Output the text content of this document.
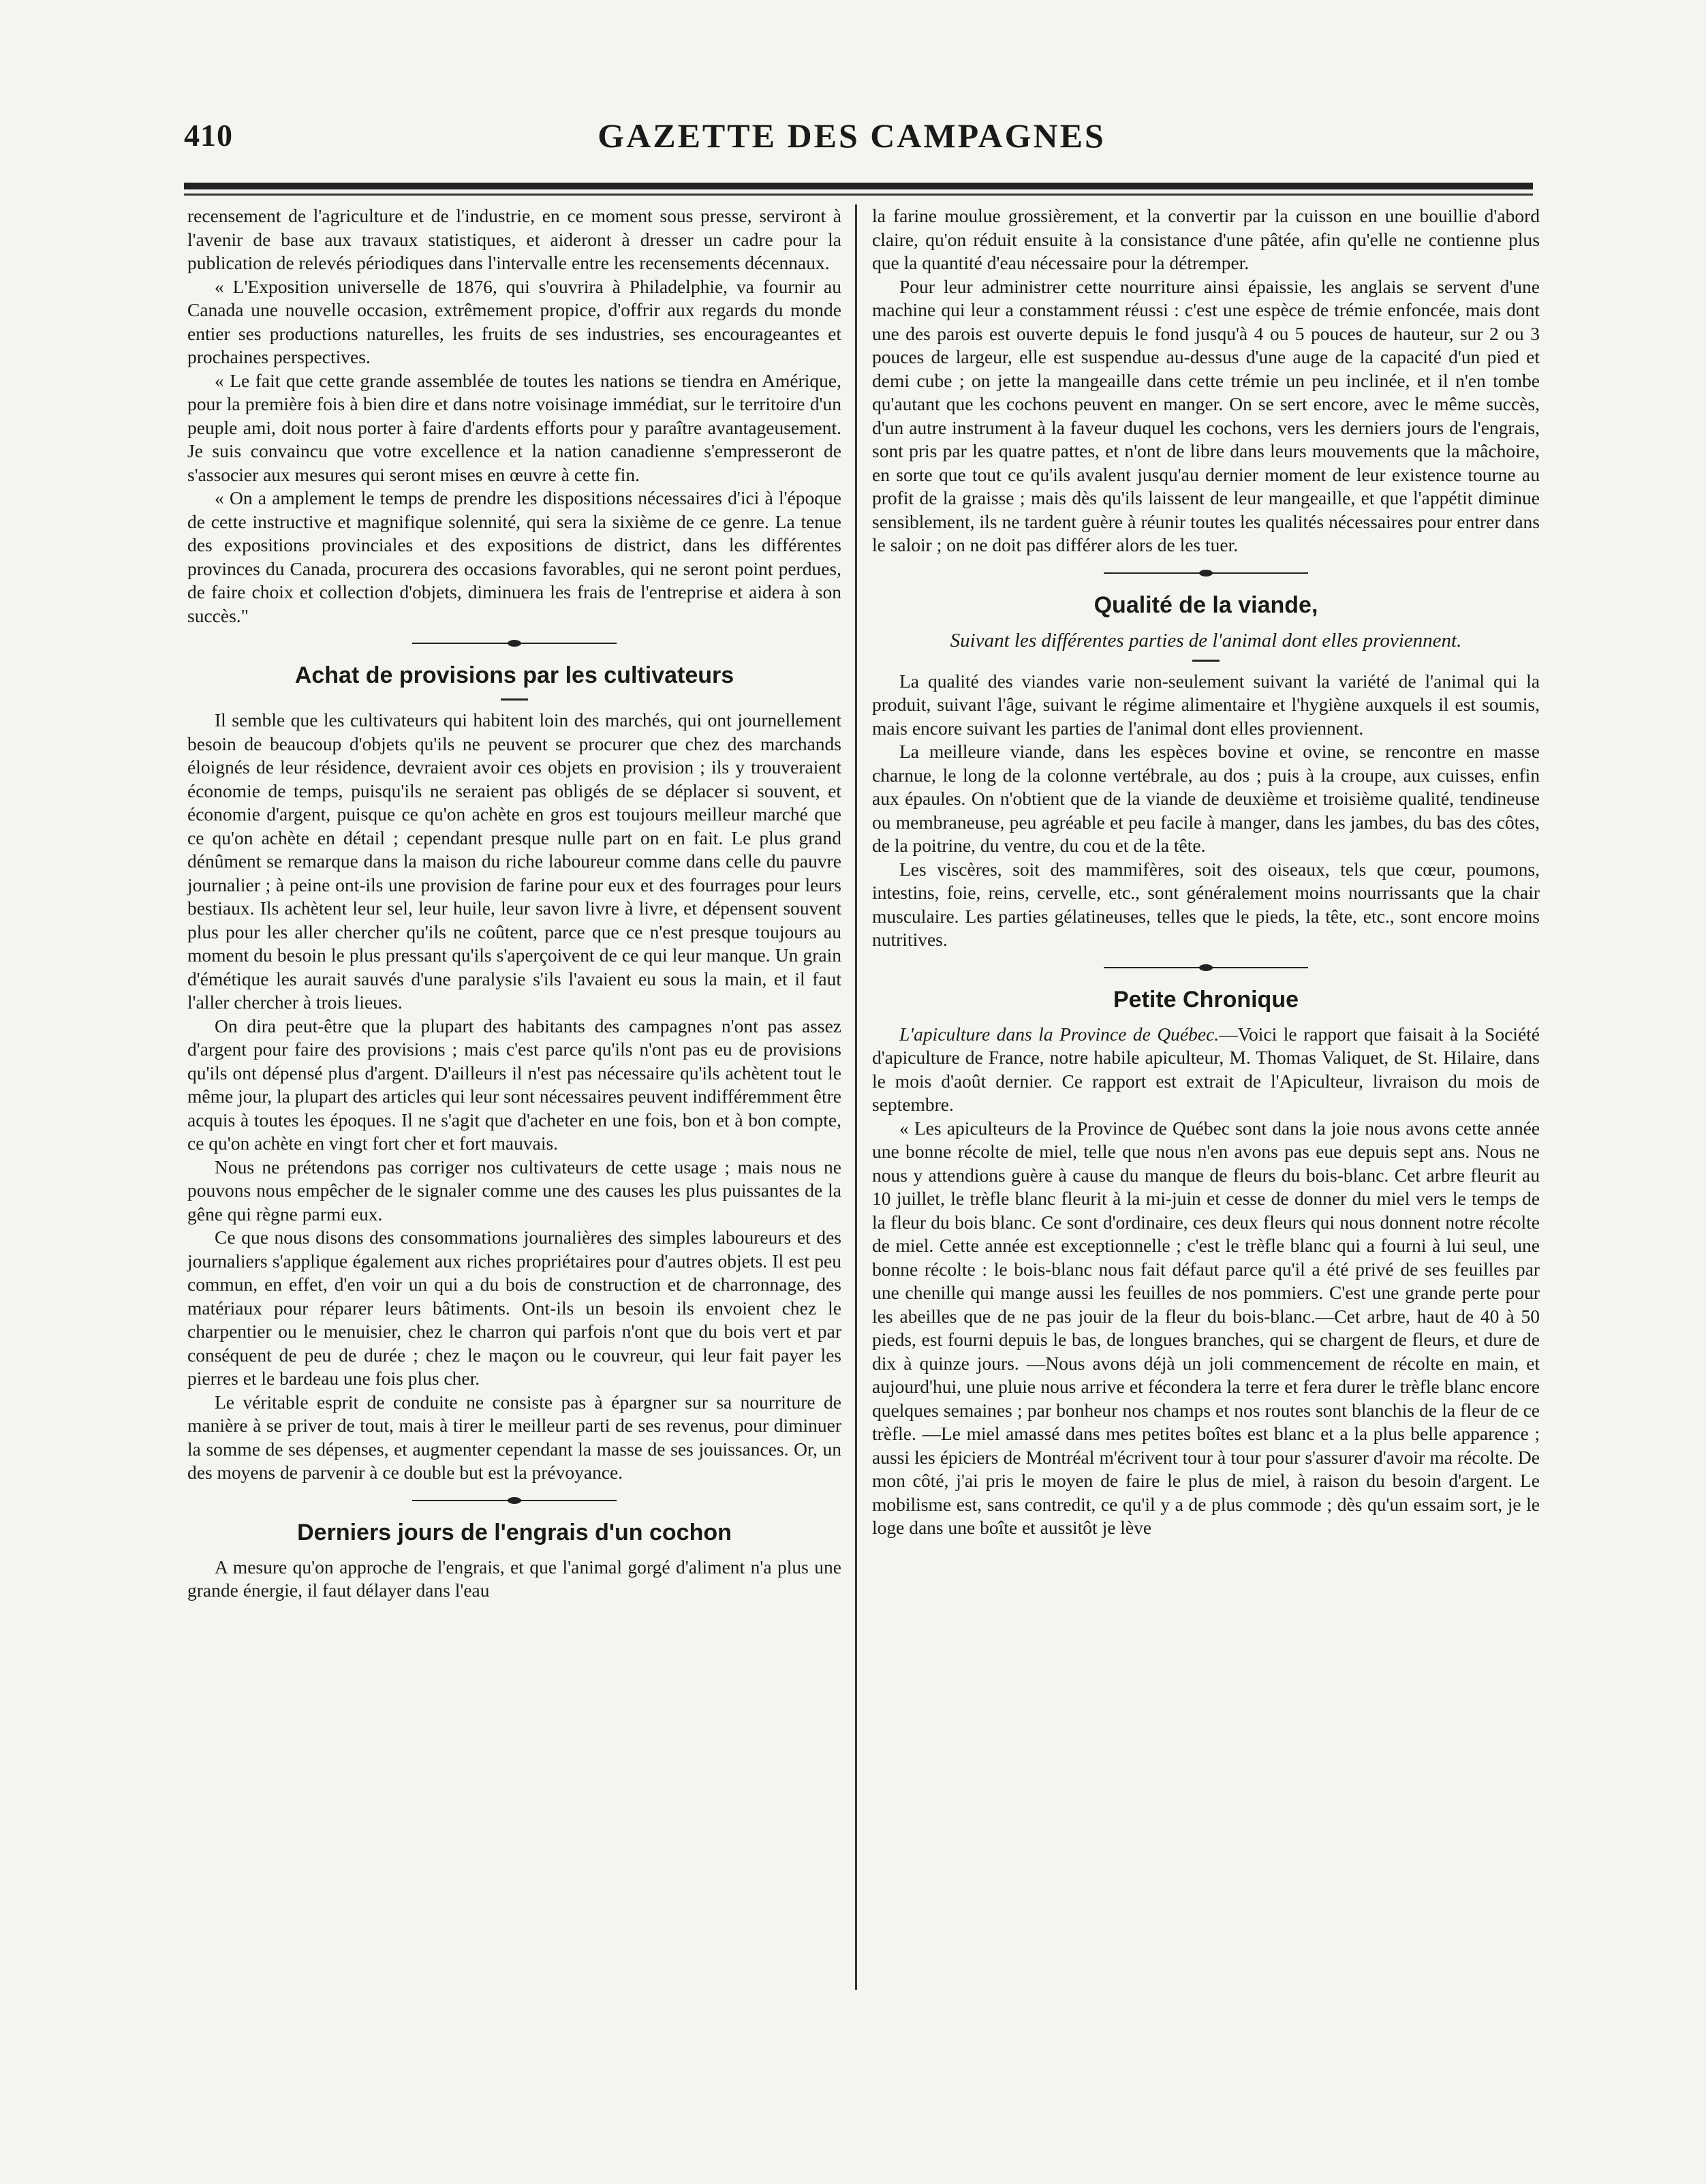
410	GAZETTE DES CAMPAGNES

recensement de l'agriculture et de l'industrie, en ce moment sous presse, serviront à l'avenir de base aux travaux statistiques, et aideront à dresser un cadre pour la publication de relevés périodiques dans l'intervalle entre les recensements décennaux.

« L'Exposition universelle de 1876, qui s'ouvrira à Philadelphie, va fournir au Canada une nouvelle occasion, extrêmement propice, d'offrir aux regards du monde entier ses productions naturelles, les fruits de ses industries, ses encourageantes et prochaines perspectives.

« Le fait que cette grande assemblée de toutes les nations se tiendra en Amérique, pour la première fois à bien dire et dans notre voisinage immédiat, sur le territoire d'un peuple ami, doit nous porter à faire d'ardents efforts pour y paraître avantageusement. Je suis convaincu que votre excellence et la nation canadienne s'empresseront de s'associer aux mesures qui seront mises en œuvre à cette fin.

« On a amplement le temps de prendre les dispositions nécessaires d'ici à l'époque de cette instructive et magnifique solennité, qui sera la sixième de ce genre. La tenue des expositions provinciales et des expositions de district, dans les différentes provinces du Canada, procurera des occasions favorables, qui ne seront point perdues, de faire choix et collection d'objets, diminuera les frais de l'entreprise et aidera à son succès."

Achat de provisions par les cultivateurs

Il semble que les cultivateurs qui habitent loin des marchés, qui ont journellement besoin de beaucoup d'objets qu'ils ne peuvent se procurer que chez des marchands éloignés de leur résidence, devraient avoir ces objets en provision ; ils y trouveraient économie de temps, puisqu'ils ne seraient pas obligés de se déplacer si souvent, et économie d'argent, puisque ce qu'on achète en gros est toujours meilleur marché que ce qu'on achète en détail ; cependant presque nulle part on en fait. Le plus grand dénûment se remarque dans la maison du riche laboureur comme dans celle du pauvre journalier ; à peine ont-ils une provision de farine pour eux et des fourrages pour leurs bestiaux. Ils achètent leur sel, leur huile, leur savon livre à livre, et dépensent souvent plus pour les aller chercher qu'ils ne coûtent, parce que ce n'est presque toujours au moment du besoin le plus pressant qu'ils s'aperçoivent de ce qui leur manque. Un grain d'émétique les aurait sauvés d'une paralysie s'ils l'avaient eu sous la main, et il faut l'aller chercher à trois lieues.

On dira peut-être que la plupart des habitants des campagnes n'ont pas assez d'argent pour faire des provisions ; mais c'est parce qu'ils n'ont pas eu de provisions qu'ils ont dépensé plus d'argent. D'ailleurs il n'est pas nécessaire qu'ils achètent tout le même jour, la plupart des articles qui leur sont nécessaires peuvent indifféremment être acquis à toutes les époques. Il ne s'agit que d'acheter en une fois, bon et à bon compte, ce qu'on achète en vingt fort cher et fort mauvais.

Nous ne prétendons pas corriger nos cultivateurs de cette usage ; mais nous ne pouvons nous empêcher de le signaler comme une des causes les plus puissantes de la gêne qui règne parmi eux.

Ce que nous disons des consommations journalières des simples laboureurs et des journaliers s'applique également aux riches propriétaires pour d'autres objets. Il est peu commun, en effet, d'en voir un qui a du bois de construction et de charronnage, des matériaux pour réparer leurs bâtiments. Ont-ils un besoin ils envoient chez le charpentier ou le menuisier, chez le charron qui parfois n'ont que du bois vert et par conséquent de peu de durée ; chez le maçon ou le couvreur, qui leur fait payer les pierres et le bardeau une fois plus cher.

Le véritable esprit de conduite ne consiste pas à épargner sur sa nourriture de manière à se priver de tout, mais à tirer le meilleur parti de ses revenus, pour diminuer la somme de ses dépenses, et augmenter cependant la masse de ses jouissances. Or, un des moyens de parvenir à ce double but est la prévoyance.

Derniers jours de l'engrais d'un cochon

A mesure qu'on approche de l'engrais, et que l'animal gorgé d'aliment n'a plus une grande énergie, il faut délayer dans l'eau

la farine moulue grossièrement, et la convertir par la cuisson en une bouillie d'abord claire, qu'on réduit ensuite à la consistance d'une pâtée, afin qu'elle ne contienne plus que la quantité d'eau nécessaire pour la détremper.

Pour leur administrer cette nourriture ainsi épaissie, les anglais se servent d'une machine qui leur a constamment réussi : c'est une espèce de trémie enfoncée, mais dont une des parois est ouverte depuis le fond jusqu'à 4 ou 5 pouces de hauteur, sur 2 ou 3 pouces de largeur, elle est suspendue au-dessus d'une auge de la capacité d'un pied et demi cube ; on jette la mangeaille dans cette trémie un peu inclinée, et il n'en tombe qu'autant que les cochons peuvent en manger. On se sert encore, avec le même succès, d'un autre instrument à la faveur duquel les cochons, vers les derniers jours de l'engrais, sont pris par les quatre pattes, et n'ont de libre dans leurs mouvements que la mâchoire, en sorte que tout ce qu'ils avalent jusqu'au dernier moment de leur existence tourne au profit de la graisse ; mais dès qu'ils laissent de leur mangeaille, et que l'appétit diminue sensiblement, ils ne tardent guère à réunir toutes les qualités nécessaires pour entrer dans le saloir ; on ne doit pas différer alors de les tuer.

Qualité de la viande,
Suivant les différentes parties de l'animal dont elles proviennent.

La qualité des viandes varie non-seulement suivant la variété de l'animal qui la produit, suivant l'âge, suivant le régime alimentaire et l'hygiène auxquels il est soumis, mais encore suivant les parties de l'animal dont elles proviennent.

La meilleure viande, dans les espèces bovine et ovine, se rencontre en masse charnue, le long de la colonne vertébrale, au dos ; puis à la croupe, aux cuisses, enfin aux épaules. On n'obtient que de la viande de deuxième et troisième qualité, tendineuse ou membraneuse, peu agréable et peu facile à manger, dans les jambes, du bas des côtes, de la poitrine, du ventre, du cou et de la tête.

Les viscères, soit des mammifères, soit des oiseaux, tels que cœur, poumons, intestins, foie, reins, cervelle, etc., sont généralement moins nourrissants que la chair musculaire. Les parties gélatineuses, telles que le pieds, la tête, etc., sont encore moins nutritives.

Petite Chronique

L'apiculture dans la Province de Québec.—Voici le rapport que faisait à la Société d'apiculture de France, notre habile apiculteur, M. Thomas Valiquet, de St. Hilaire, dans le mois d'août dernier. Ce rapport est extrait de l'Apiculteur, livraison du mois de septembre.

« Les apiculteurs de la Province de Québec sont dans la joie nous avons cette année une bonne récolte de miel, telle que nous n'en avons pas eue depuis sept ans. Nous ne nous y attendions guère à cause du manque de fleurs du bois-blanc. Cet arbre fleurit au 10 juillet, le trèfle blanc fleurit à la mi-juin et cesse de donner du miel vers le temps de la fleur du bois blanc. Ce sont d'ordinaire, ces deux fleurs qui nous donnent notre récolte de miel. Cette année est exceptionnelle ; c'est le trèfle blanc qui a fourni à lui seul, une bonne récolte : le bois-blanc nous fait défaut parce qu'il a été privé de ses feuilles par une chenille qui mange aussi les feuilles de nos pommiers. C'est une grande perte pour les abeilles que de ne pas jouir de la fleur du bois-blanc.—Cet arbre, haut de 40 à 50 pieds, est fourni depuis le bas, de longues branches, qui se chargent de fleurs, et dure de dix à quinze jours. —Nous avons déjà un joli commencement de récolte en main, et aujourd'hui, une pluie nous arrive et fécondera la terre et fera durer le trèfle blanc encore quelques semaines ; par bonheur nos champs et nos routes sont blanchis de la fleur de ce trèfle. —Le miel amassé dans mes petites boîtes est blanc et a la plus belle apparence ; aussi les épiciers de Montréal m'écrivent tour à tour pour s'assurer d'avoir ma récolte. De mon côté, j'ai pris le moyen de faire le plus de miel, à raison du besoin d'argent. Le mobilisme est, sans contredit, ce qu'il y a de plus commode ; dès qu'un essaim sort, je le loge dans une boîte et aussitôt je lève
